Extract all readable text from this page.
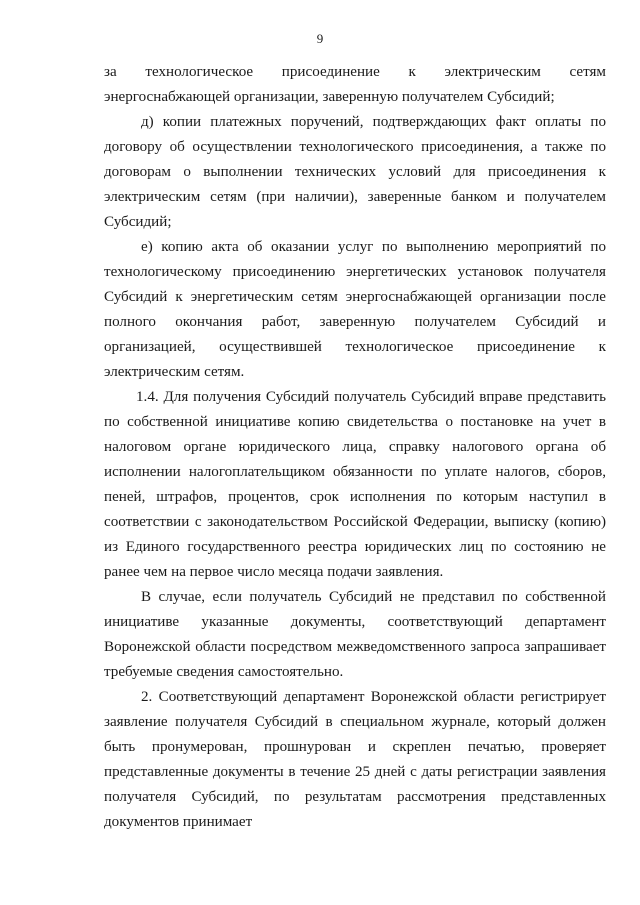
9

за технологическое присоединение к электрическим сетям энергоснабжающей организации, заверенную получателем Субсидий;

д) копии платежных поручений, подтверждающих факт оплаты по договору об осуществлении технологического присоединения, а также по договорам о выполнении технических условий для присоединения к электрическим сетям (при наличии), заверенные банком и получателем Субсидий;

е) копию акта об оказании услуг по выполнению мероприятий по технологическому присоединению энергетических установок получателя Субсидий к энергетическим сетям энергоснабжающей организации после полного окончания работ, заверенную получателем Субсидий и организацией, осуществившей технологическое присоединение к электрическим сетям.

1.4. Для получения Субсидий получатель Субсидий вправе представить по собственной инициативе копию свидетельства о постановке на учет в налоговом органе юридического лица, справку налогового органа об исполнении налогоплательщиком обязанности по уплате налогов, сборов, пеней, штрафов, процентов, срок исполнения по которым наступил в соответствии с законодательством Российской Федерации, выписку (копию) из Единого государственного реестра юридических лиц по состоянию не ранее чем на первое число месяца подачи заявления.

В случае, если получатель Субсидий не представил по собственной инициативе указанные документы, соответствующий департамент Воронежской области посредством межведомственного запроса запрашивает требуемые сведения самостоятельно.

2. Соответствующий департамент Воронежской области регистрирует заявление получателя Субсидий в специальном журнале, который должен быть пронумерован, прошнурован и скреплен печатью, проверяет представленные документы в течение 25 дней с даты регистрации заявления получателя Субсидий, по результатам рассмотрения представленных документов принимает
